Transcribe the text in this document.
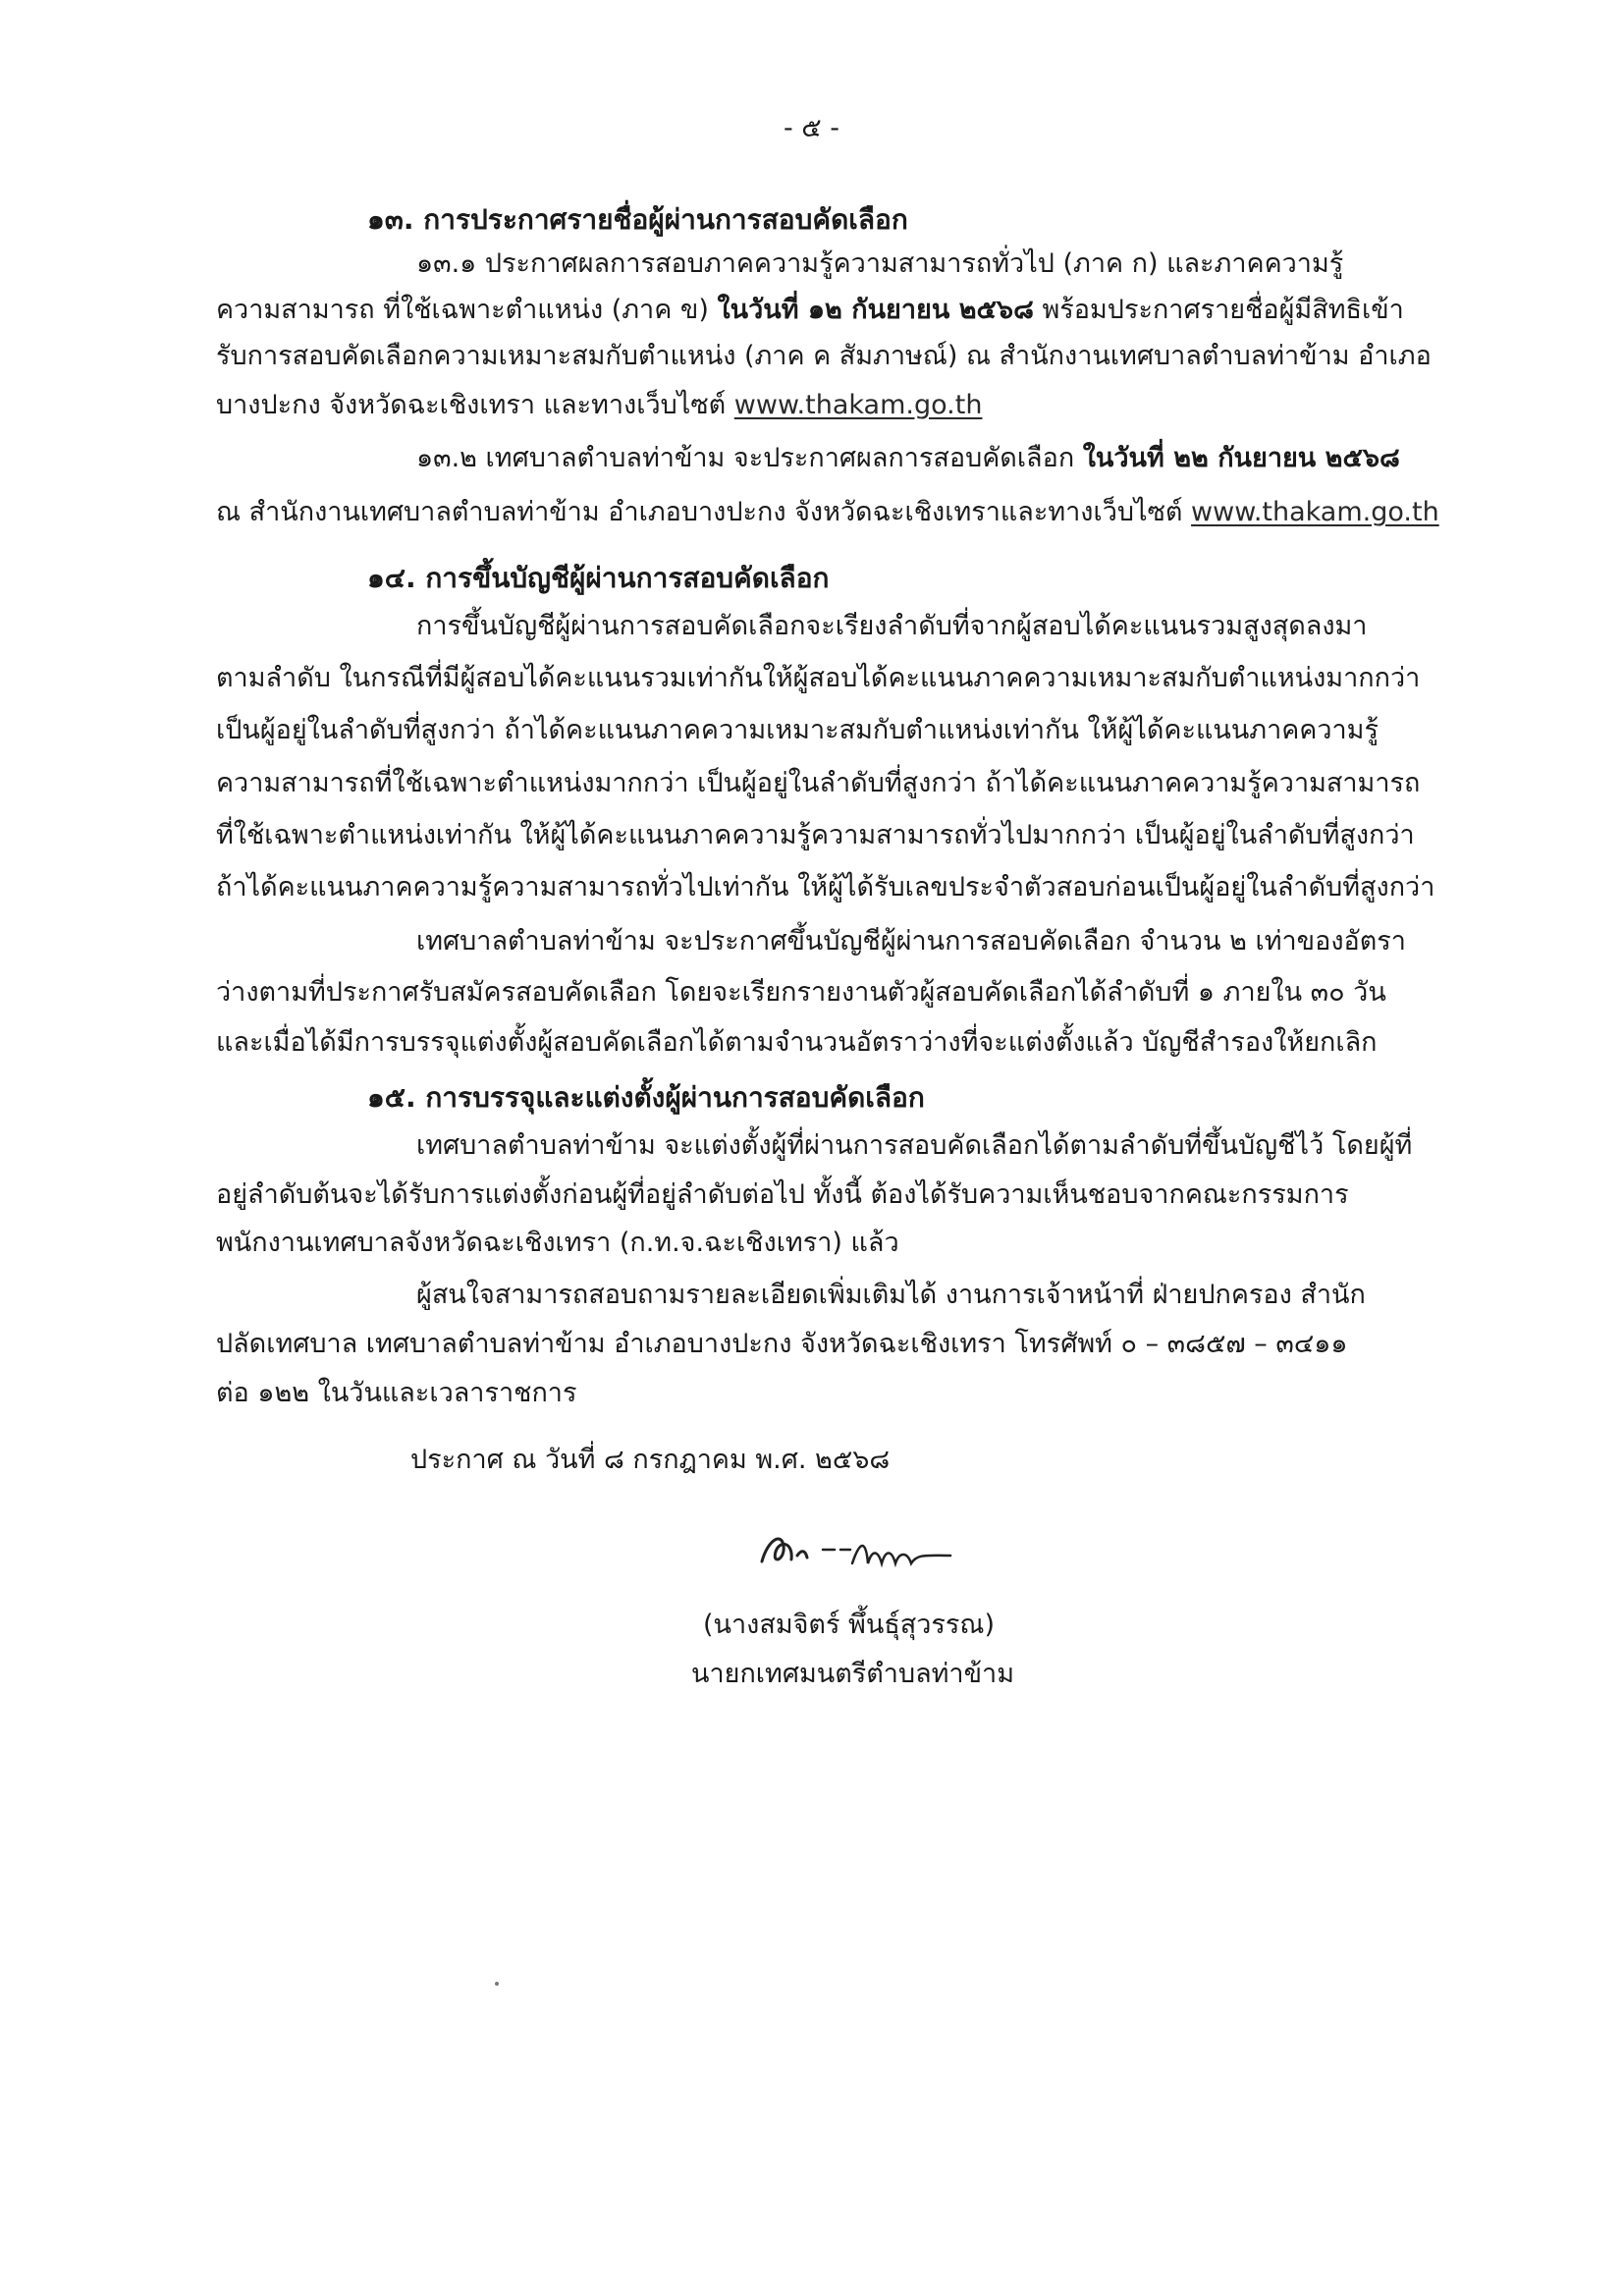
- ๕ -
๑๓. การประกาศรายชื่อผู้ผ่านการสอบคัดเลือก
๑๓.๑ ประกาศผลการสอบภาคความรู้ความสามารถทั่วไป (ภาค ก) และภาคความรู้
ความสามารถ ที่ใช้เฉพาะตำแหน่ง (ภาค ข) ในวันที่ ๑๒ กันยายน ๒๕๖๘ พร้อมประกาศรายชื่อผู้มีสิทธิเข้า
รับการสอบคัดเลือกความเหมาะสมกับตำแหน่ง (ภาค ค สัมภาษณ์) ณ สำนักงานเทศบาลตำบลท่าข้าม อำเภอ
บางปะกง จังหวัดฉะเชิงเทรา และทางเว็บไซต์ www.thakam.go.th
๑๓.๒ เทศบาลตำบลท่าข้าม จะประกาศผลการสอบคัดเลือก ในวันที่ ๒๒ กันยายน ๒๕๖๘
ณ สำนักงานเทศบาลตำบลท่าข้าม อำเภอบางปะกง จังหวัดฉะเชิงเทราและทางเว็บไซต์ www.thakam.go.th
๑๔. การขึ้นบัญชีผู้ผ่านการสอบคัดเลือก
การขึ้นบัญชีผู้ผ่านการสอบคัดเลือกจะเรียงลำดับที่จากผู้สอบได้คะแนนรวมสูงสุดลงมา
ตามลำดับ ในกรณีที่มีผู้สอบได้คะแนนรวมเท่ากันให้ผู้สอบได้คะแนนภาคความเหมาะสมกับตำแหน่งมากกว่า
เป็นผู้อยู่ในลำดับที่สูงกว่า ถ้าได้คะแนนภาคความเหมาะสมกับตำแหน่งเท่ากัน ให้ผู้ได้คะแนนภาคความรู้
ความสามารถที่ใช้เฉพาะตำแหน่งมากกว่า เป็นผู้อยู่ในลำดับที่สูงกว่า ถ้าได้คะแนนภาคความรู้ความสามารถ
ที่ใช้เฉพาะตำแหน่งเท่ากัน ให้ผู้ได้คะแนนภาคความรู้ความสามารถทั่วไปมากกว่า เป็นผู้อยู่ในลำดับที่สูงกว่า
ถ้าได้คะแนนภาคความรู้ความสามารถทั่วไปเท่ากัน ให้ผู้ได้รับเลขประจำตัวสอบก่อนเป็นผู้อยู่ในลำดับที่สูงกว่า
เทศบาลตำบลท่าข้าม จะประกาศขึ้นบัญชีผู้ผ่านการสอบคัดเลือก จำนวน ๒ เท่าของอัตรา
ว่างตามที่ประกาศรับสมัครสอบคัดเลือก โดยจะเรียกรายงานตัวผู้สอบคัดเลือกได้ลำดับที่ ๑ ภายใน ๓๐ วัน
และเมื่อได้มีการบรรจุแต่งตั้งผู้สอบคัดเลือกได้ตามจำนวนอัตราว่างที่จะแต่งตั้งแล้ว บัญชีสำรองให้ยกเลิก
๑๕. การบรรจุและแต่งตั้งผู้ผ่านการสอบคัดเลือก
เทศบาลตำบลท่าข้าม จะแต่งตั้งผู้ที่ผ่านการสอบคัดเลือกได้ตามลำดับที่ขึ้นบัญชีไว้ โดยผู้ที่
อยู่ลำดับต้นจะได้รับการแต่งตั้งก่อนผู้ที่อยู่ลำดับต่อไป ทั้งนี้ ต้องได้รับความเห็นชอบจากคณะกรรมการ
พนักงานเทศบาลจังหวัดฉะเชิงเทรา (ก.ท.จ.ฉะเชิงเทรา) แล้ว
ผู้สนใจสามารถสอบถามรายละเอียดเพิ่มเติมได้ งานการเจ้าหน้าที่ ฝ่ายปกครอง สำนัก
ปลัดเทศบาล เทศบาลตำบลท่าข้าม อำเภอบางปะกง จังหวัดฉะเชิงเทรา โทรศัพท์ ๐ – ๓๘๕๗ – ๓๔๑๑
ต่อ ๑๒๒ ในวันและเวลาราชการ
ประกาศ ณ วันที่ ๘ กรกฎาคม พ.ศ. ๒๕๖๘
(นางสมจิตร์ พึ้นธุ์สุวรรณ)
นายกเทศมนตรีตำบลท่าข้าม
